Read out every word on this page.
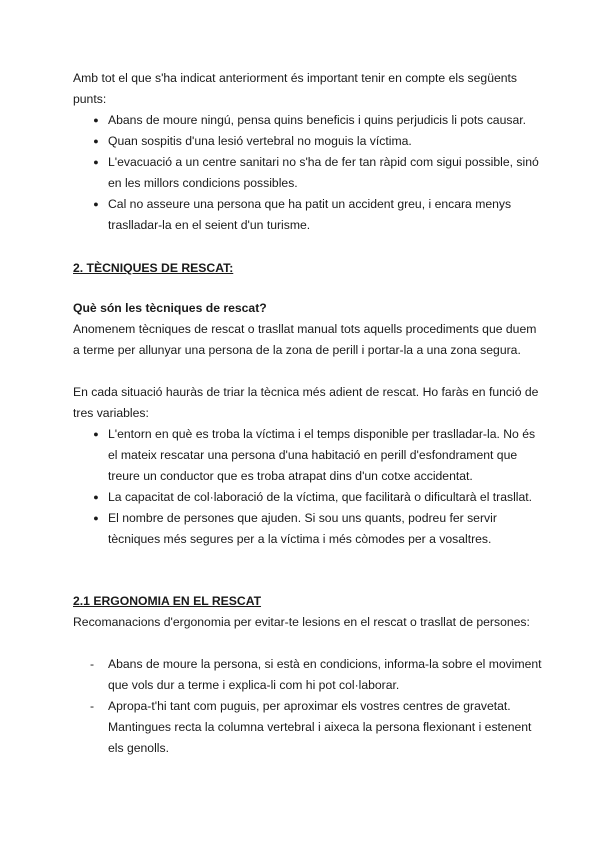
Amb tot el que s'ha indicat anteriorment és important tenir en compte els següents punts:

● Abans de moure ningú, pensa quins beneficis i quins perjudicis li pots causar.
● Quan sospitis d'una lesió vertebral no moguis la víctima.
● L'evacuació a un centre sanitari no s'ha de fer tan ràpid com sigui possible, sinó en les millors condicions possibles.
● Cal no asseure una persona que ha patit un accident greu, i encara menys traslladar-la en el seient d'un turisme.

2. TÈCNIQUES DE RESCAT:

Què són les tècniques de rescat?

Anomenem tècniques de rescat o trasllat manual tots aquells procediments que duem a terme per allunyar una persona de la zona de perill i portar-la a una zona segura.

En cada situació hauràs de triar la tècnica més adient de rescat. Ho faràs en funció de tres variables:

● L'entorn en què es troba la víctima i el temps disponible per traslladar-la. No és el mateix rescatar una persona d'una habitació en perill d'esfondrament que treure un conductor que es troba atrapat dins d'un cotxe accidentat.
● La capacitat de col·laboració de la víctima, que facilitarà o dificultarà el trasllat.
● El nombre de persones que ajuden. Si sou uns quants, podreu fer servir tècniques més segures per a la víctima i més còmodes per a vosaltres.

2.1 ERGONOMIA EN EL RESCAT

Recomanacions d'ergonomia per evitar-te lesions en el rescat o trasllat de persones:

-	Abans de moure la persona, si està en condicions, informa-la sobre el moviment que vols dur a terme i explica-li com hi pot col·laborar.
-	Apropa-t'hi tant com puguis, per aproximar els vostres centres de gravetat. Mantingues recta la columna vertebral i aixeca la persona flexionant i estenent els genolls.
